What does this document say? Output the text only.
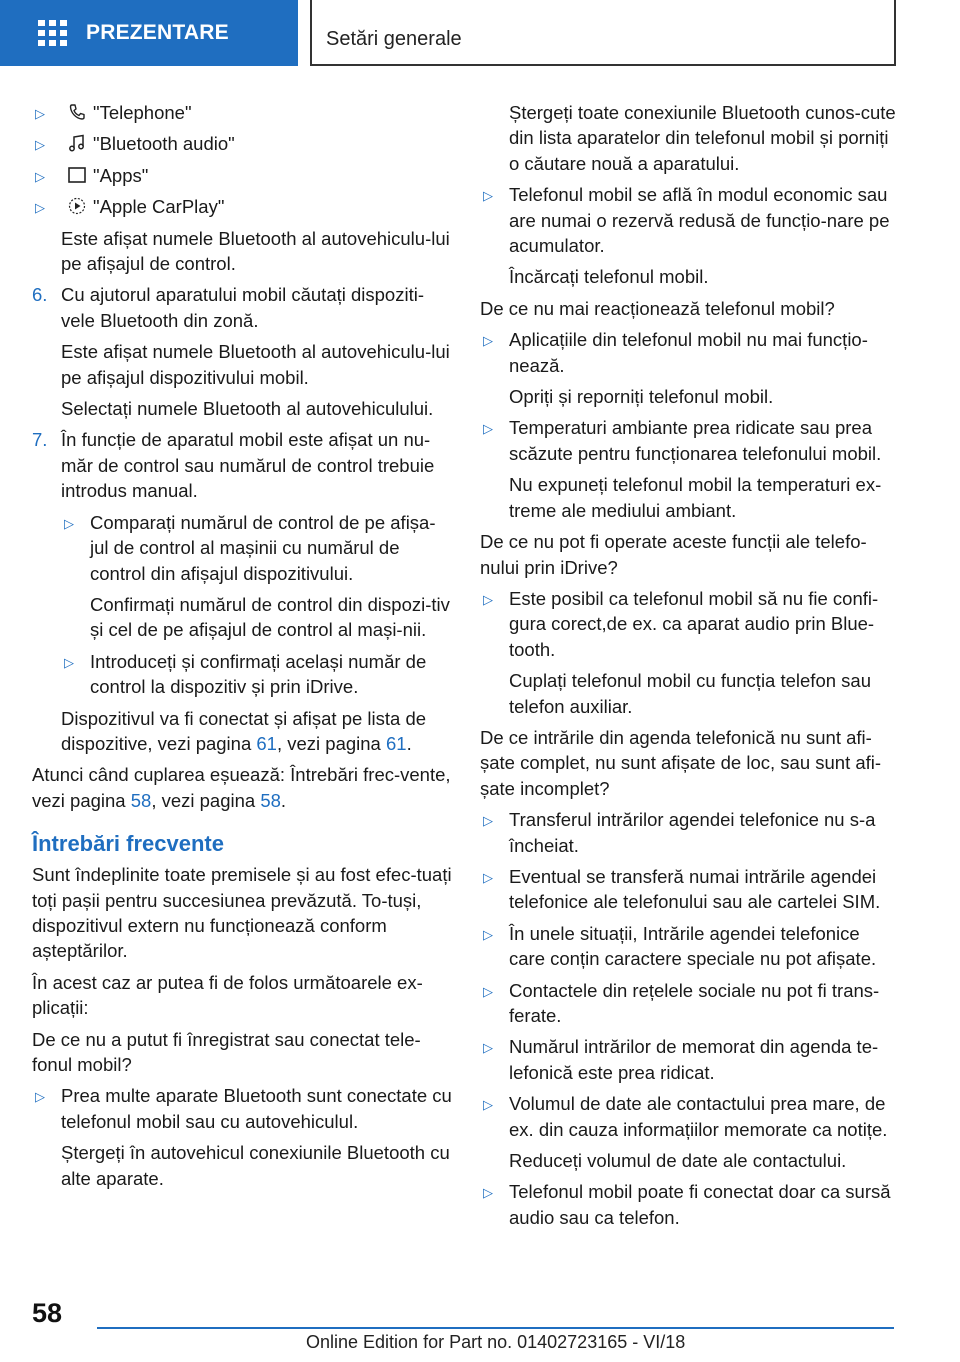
PREZENTARE	Setări generale
▷	"Telephone"
▷	"Bluetooth audio"
▷	"Apps"
▷	"Apple CarPlay"
Este afișat numele Bluetooth al autovehiculu-lui pe afișajul de control.
6. Cu ajutorul aparatului mobil căutați dispoziti-vele Bluetooth din zonă.
Este afișat numele Bluetooth al autovehiculu-lui pe afișajul dispozitivului mobil.
Selectați numele Bluetooth al autovehiculului.
7. În funcție de aparatul mobil este afișat un nu-măr de control sau numărul de control trebuie introdus manual.
▷ Comparați numărul de control de pe afișa-jul de control al mașinii cu numărul de control din afișajul dispozitivului.
Confirmați numărul de control din dispozi-tiv și cel de pe afișajul de control al mași-nii.
▷ Introduceți și confirmați același număr de control la dispozitiv și prin iDrive.
Dispozitivul va fi conectat și afișat pe lista de dispozitive, vezi pagina 61, vezi pagina 61.
Atunci când cuplarea eșuează: Întrebări frec-vente, vezi pagina 58, vezi pagina 58.
Întrebări frecvente
Sunt îndeplinite toate premisele și au fost efec-tuați toți pașii pentru succesiunea prevăzută. To-tuși, dispozitivul extern nu funcționează conform așteptărilor.
În acest caz ar putea fi de folos următoarele ex-plicații:
De ce nu a putut fi înregistrat sau conectat tele-fonul mobil?
▷ Prea multe aparate Bluetooth sunt conectate cu telefonul mobil sau cu autovehiculul.
Ștergeți în autovehicul conexiunile Bluetooth cu alte aparate.
Ștergeți toate conexiunile Bluetooth cunos-cute din lista aparatelor din telefonul mobil și porniți o căutare nouă a aparatului.
▷ Telefonul mobil se află în modul economic sau are numai o rezervă redusă de funcțio-nare pe acumulator.
Încărcați telefonul mobil.
De ce nu mai reacționează telefonul mobil?
▷ Aplicațiile din telefonul mobil nu mai funcțio-nează.
Opriți și reporniți telefonul mobil.
▷ Temperaturi ambiante prea ridicate sau prea scăzute pentru funcționarea telefonului mobil.
Nu expuneți telefonul mobil la temperaturi ex-treme ale mediului ambiant.
De ce nu pot fi operate aceste funcții ale telefo-nului prin iDrive?
▷ Este posibil ca telefonul mobil să nu fie confi-gura corect,de ex. ca aparat audio prin Blue-tooth.
Cuplați telefonul mobil cu funcția telefon sau telefon auxiliar.
De ce intrările din agenda telefonică nu sunt afi-șate complet, nu sunt afișate de loc, sau sunt afi-șate incomplet?
▷ Transferul intrărilor agendei telefonice nu s-a încheiat.
▷ Eventual se transferă numai intrările agendei telefonice ale telefonului sau ale cartelei SIM.
▷ În unele situații, Intrările agendei telefonice care conțin caractere speciale nu pot afișate.
▷ Contactele din rețelele sociale nu pot fi trans-ferate.
▷ Numărul intrărilor de memorat din agenda te-lefonică este prea ridicat.
▷ Volumul de date ale contactului prea mare, de ex. din cauza informațiilor memorate ca notițe.
Reduceți volumul de date ale contactului.
▷ Telefonul mobil poate fi conectat doar ca sursă audio sau ca telefon.
58
Online Edition for Part no. 01402723165 - VI/18
